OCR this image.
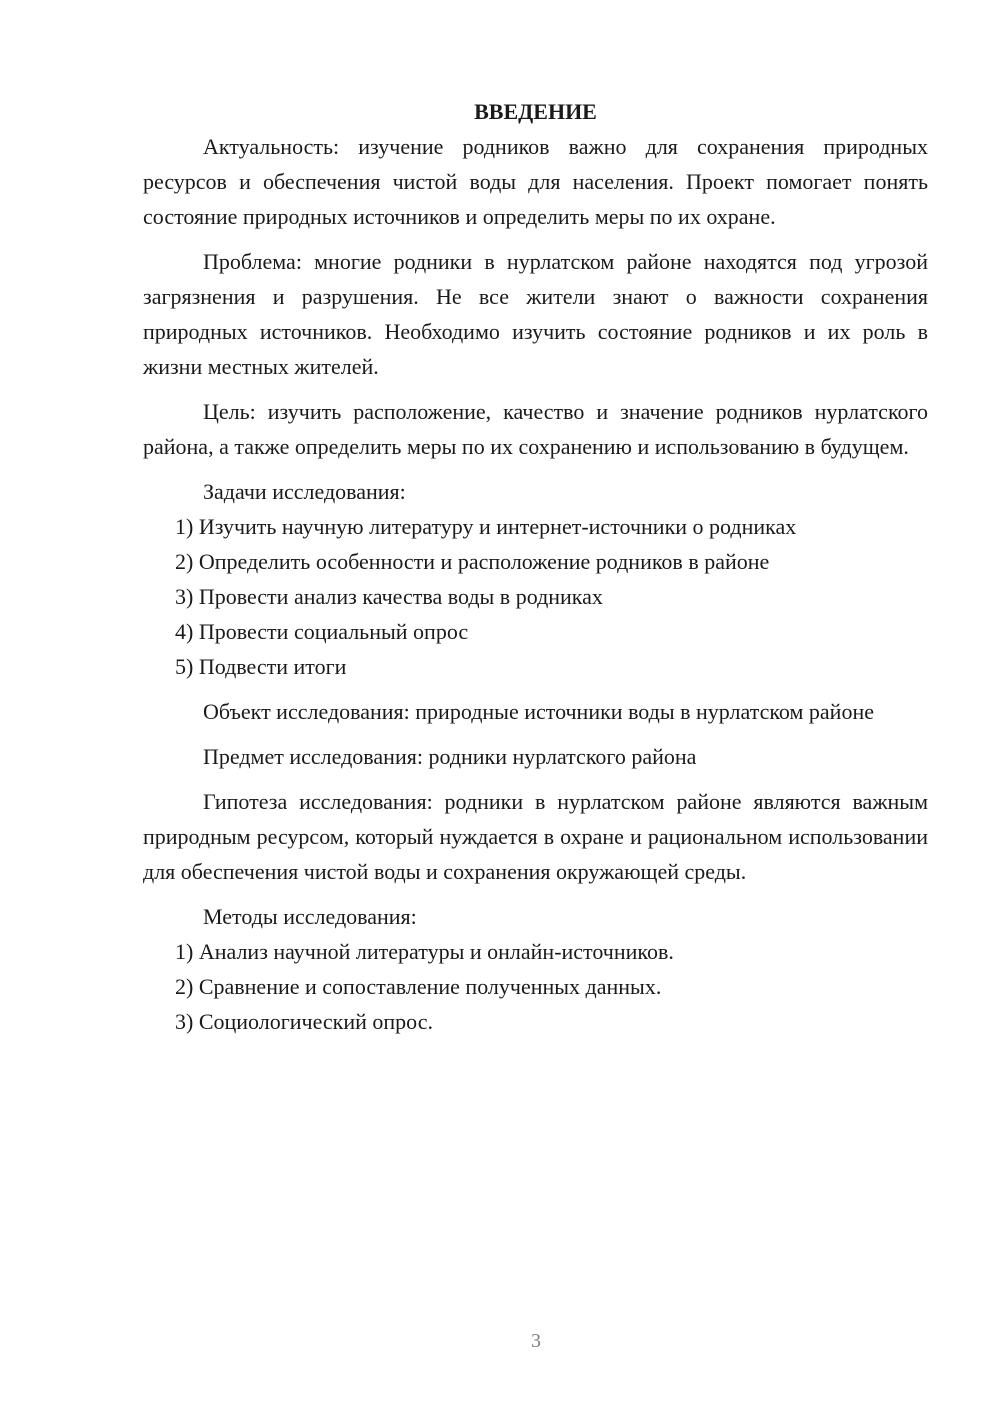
ВВЕДЕНИЕ

Актуальность: изучение родников важно для сохранения природных ресурсов и обеспечения чистой воды для населения. Проект помогает понять состояние природных источников и определить меры по их охране.

Проблема: многие родники в нурлатском районе находятся под угрозой загрязнения и разрушения. Не все жители знают о важности сохранения природных источников. Необходимо изучить состояние родников и их роль в жизни местных жителей.

Цель: изучить расположение, качество и значение родников нурлатского района, а также определить меры по их сохранению и использованию в будущем.

Задачи исследования:

1) Изучить научную литературу и интернет-источники о родниках

2) Определить особенности и расположение родников в районе

3) Провести анализ качества воды в родниках

4) Провести социальный опрос

5) Подвести итоги

Объект исследования: природные источники воды в нурлатском районе

Предмет исследования: родники нурлатского района

Гипотеза исследования: родники в нурлатском районе являются важным природным ресурсом, который нуждается в охране и рациональном использовании для обеспечения чистой воды и сохранения окружающей среды.

Методы исследования:

1) Анализ научной литературы и онлайн-источников.

2) Сравнение и сопоставление полученных данных.

3) Социологический опрос.

3
